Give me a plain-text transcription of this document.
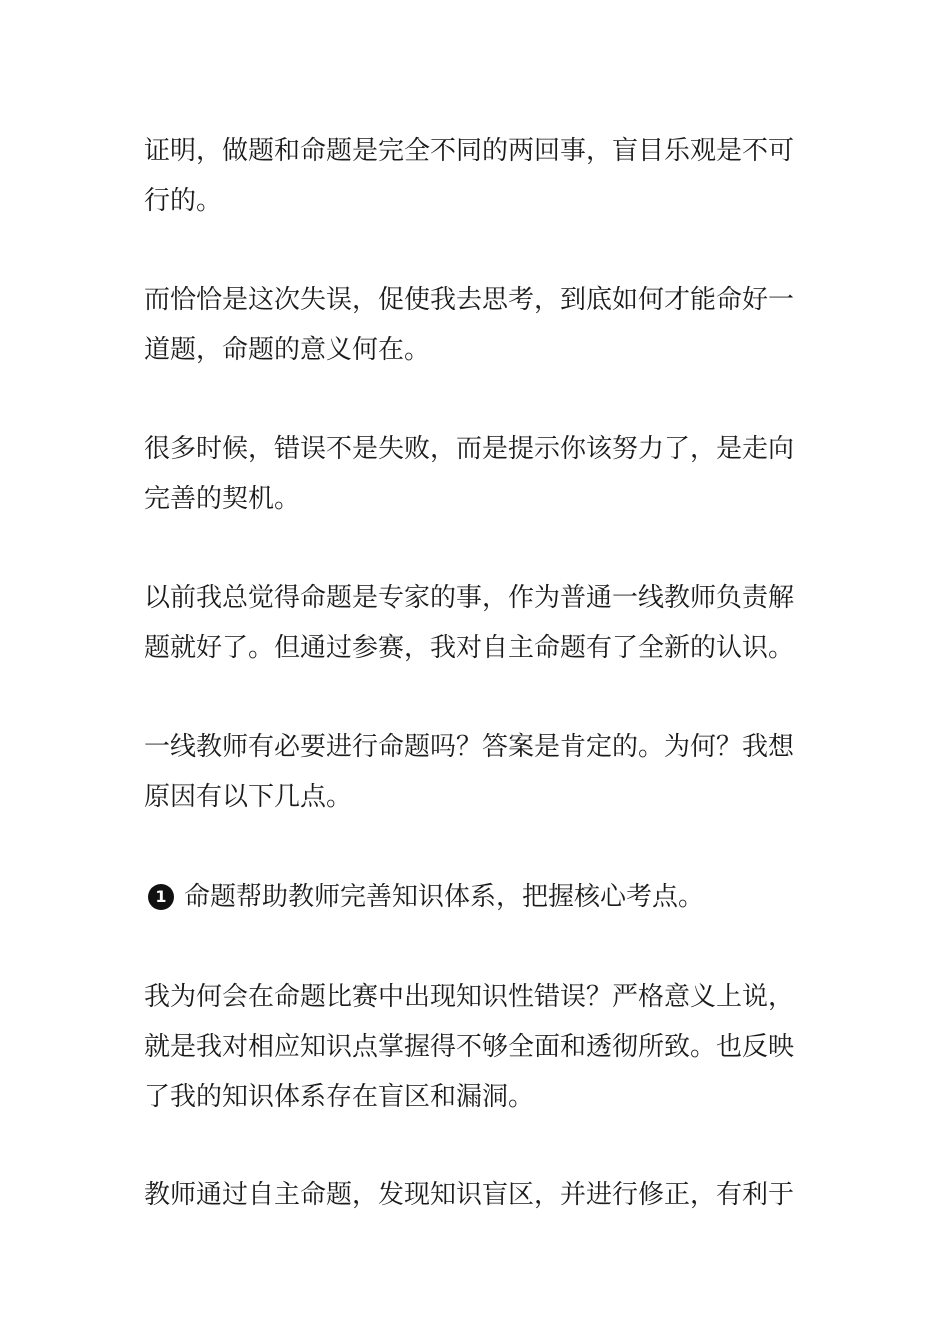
证明，做题和命题是完全不同的两回事，盲目乐观是不可
行的。

而恰恰是这次失误，促使我去思考，到底如何才能命好一
道题，命题的意义何在。

很多时候，错误不是失败，而是提示你该努力了，是走向
完善的契机。

以前我总觉得命题是专家的事，作为普通一线教师负责解
题就好了。但通过参赛，我对自主命题有了全新的认识。

一线教师有必要进行命题吗？答案是肯定的。为何？我想
原因有以下几点。

1 命题帮助教师完善知识体系，把握核心考点。

我为何会在命题比赛中出现知识性错误？严格意义上说，
就是我对相应知识点掌握得不够全面和透彻所致。也反映
了我的知识体系存在盲区和漏洞。

教师通过自主命题，发现知识盲区，并进行修正，有利于
